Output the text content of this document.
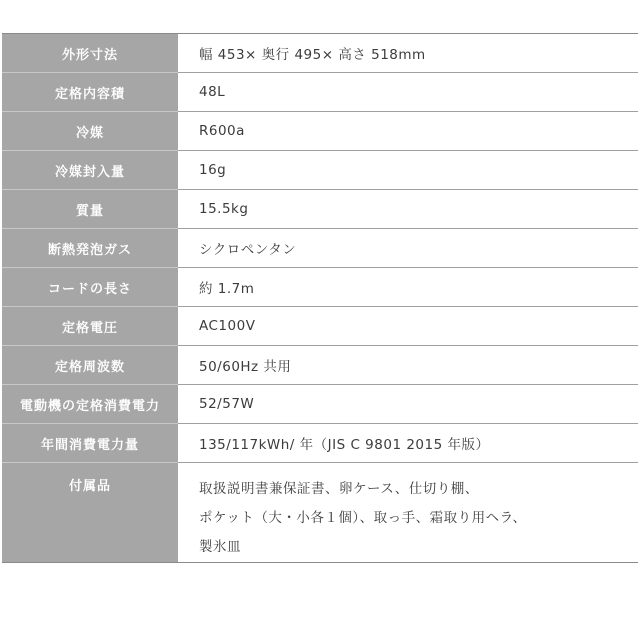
外形寸法	幅 453× 奥行 495× 高さ 518mm
定格内容積	48L
冷媒	R600a
冷媒封入量	16g
質量	15.5kg
断熱発泡ガス	シクロペンタン
コードの長さ	約 1.7m
定格電圧	AC100V
定格周波数	50/60Hz 共用
電動機の定格消費電力	52/57W
年間消費電力量	135/117kWh/ 年（JIS C 9801 2015 年版）
付属品	取扱説明書兼保証書、卵ケース、仕切り棚、
ポケット（大・小各１個）、取っ手、霜取り用ヘラ、
製氷皿
